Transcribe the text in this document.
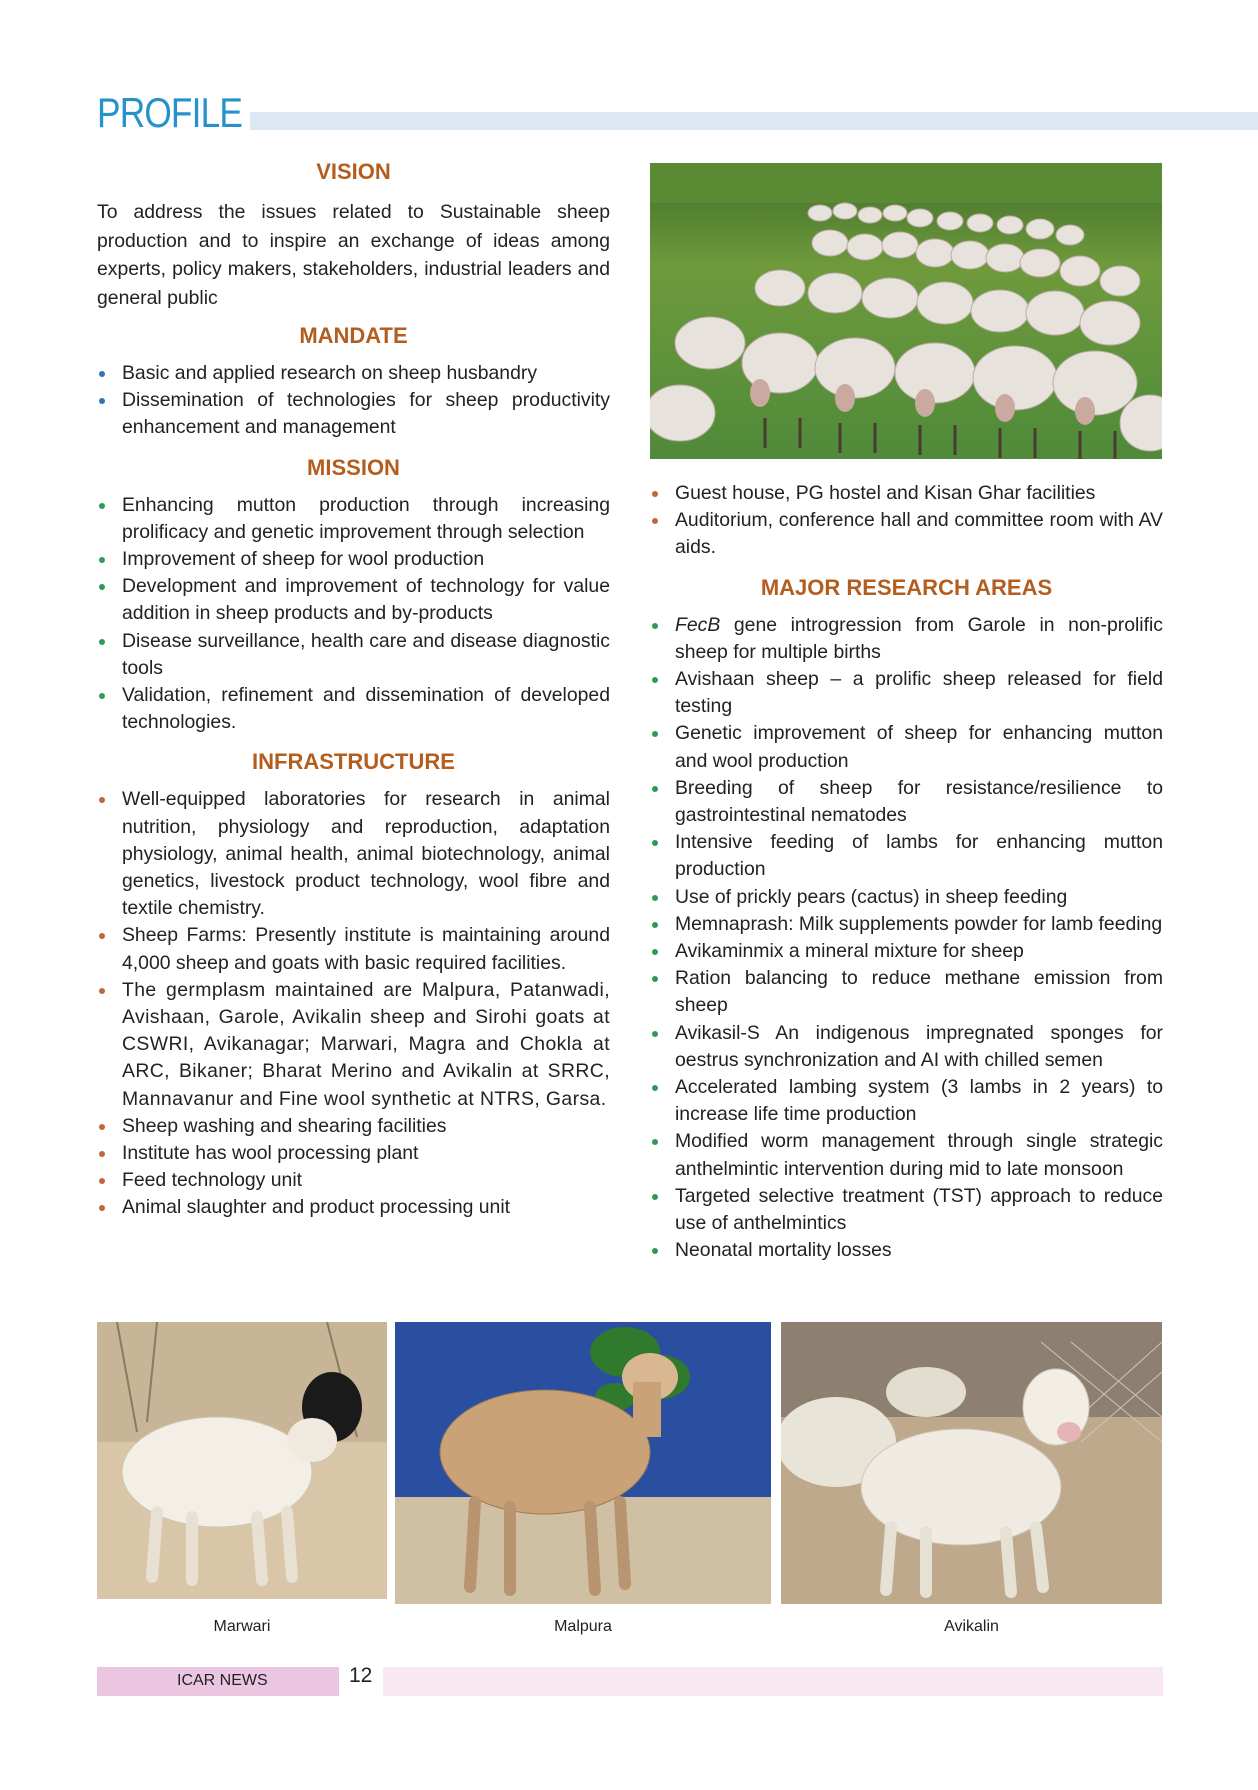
PROFILE
VISION

To address the issues related to Sustainable sheep production and to inspire an exchange of ideas among experts, policy makers, stakeholders, industrial leaders and general public

MANDATE
Basic and applied research on sheep husbandry
Dissemination of technologies for sheep productivity enhancement and management
MISSION
Enhancing mutton production through increasing prolificacy and genetic improvement through selection
Improvement of sheep for wool production
Development and improvement of technology for value addition in sheep products and by-products
Disease surveillance, health care and disease diagnostic tools
Validation, refinement and dissemination of developed technologies.
INFRASTRUCTURE
Well-equipped laboratories for research in animal nutrition, physiology and reproduction, adaptation physiology, animal health, animal biotechnology, animal genetics, livestock product technology, wool fibre and textile chemistry.
Sheep Farms: Presently institute is maintaining around 4,000 sheep and goats with basic required facilities.
The germplasm maintained are Malpura, Patanwadi, Avishaan, Garole, Avikalin sheep and Sirohi goats at CSWRI, Avikanagar; Marwari, Magra and Chokla at ARC, Bikaner; Bharat Merino and Avikalin at SRRC, Mannavanur and Fine wool synthetic at NTRS, Garsa.
Sheep washing and shearing facilities
Institute has wool processing plant
Feed technology unit
Animal slaughter and product processing unit
Guest house, PG hostel and Kisan Ghar facilities
Auditorium, conference hall and committee room with AV aids.
MAJOR RESEARCH AREAS
FecB gene introgression from Garole in non-prolific sheep for multiple births
Avishaan sheep – a prolific sheep released for field testing
Genetic improvement of sheep for enhancing mutton and wool production
Breeding of sheep for resistance/resilience to gastrointestinal nematodes
Intensive feeding of lambs for enhancing mutton production
Use of prickly pears (cactus) in sheep feeding
Memnaprash: Milk supplements powder for lamb feeding
Avikaminmix a mineral mixture for sheep
Ration balancing to reduce methane emission from sheep
Avikasil-S An indigenous impregnated sponges for oestrus synchronization and AI with chilled semen
Accelerated lambing system (3 lambs in 2 years) to increase life time production
Modified worm management through single strategic anthelmintic intervention during mid to late monsoon
Targeted selective treatment (TST) approach to reduce use of anthelmintics
Neonatal mortality losses
Marwari	Malpura	Avikalin
ICAR NEWS	12
